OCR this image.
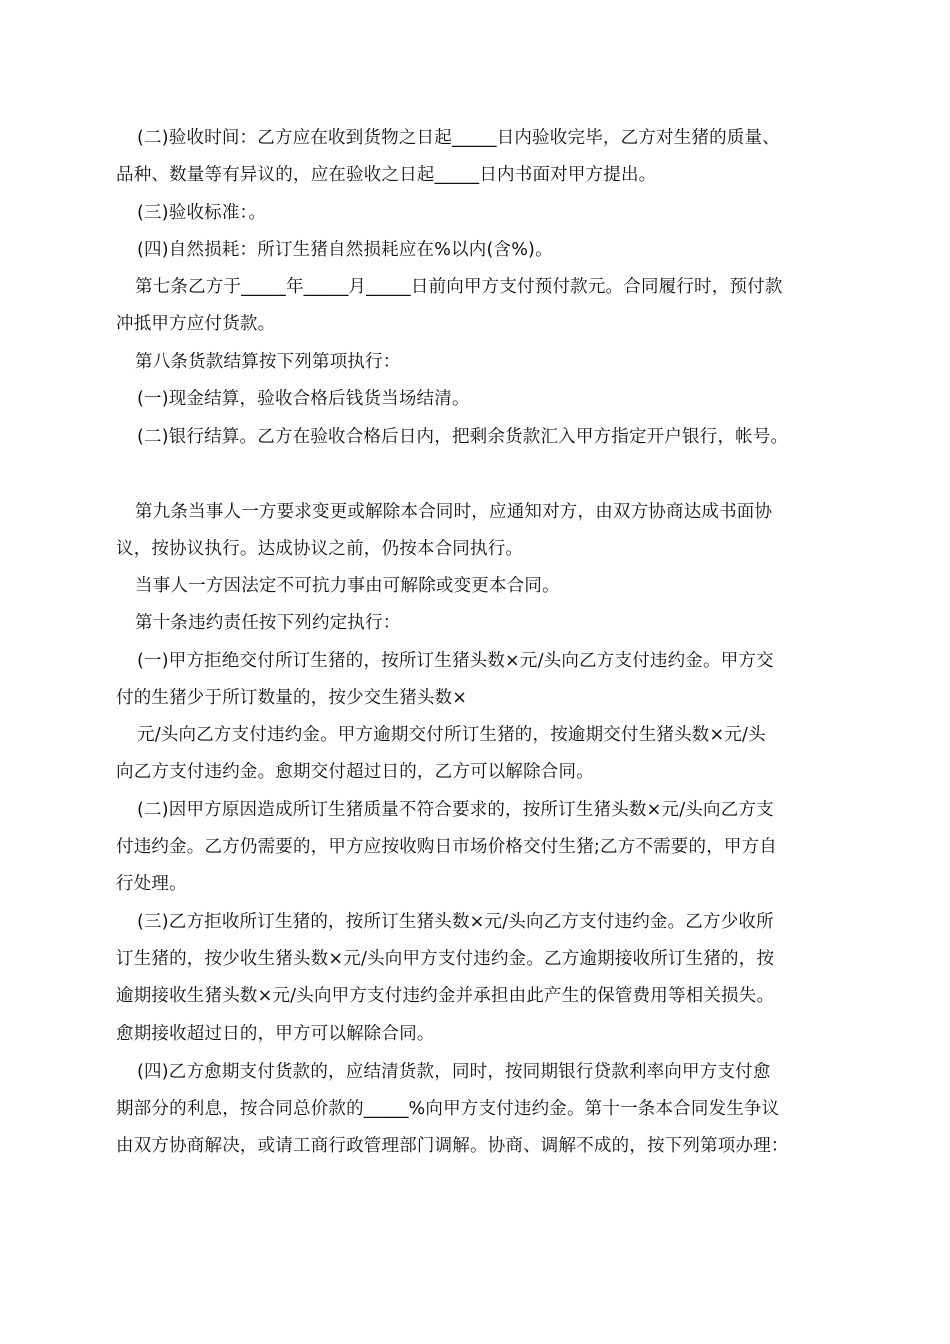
(二)验收时间：乙方应在收到货物之日起_____日内验收完毕，乙方对生猪的质量、
品种、数量等有异议的，应在验收之日起_____日内书面对甲方提出。
(三)验收标准：。
(四)自然损耗：所订生猪自然损耗应在%以内(含%)。
第七条乙方于_____年_____月_____日前向甲方支付预付款元。合同履行时，预付款
冲抵甲方应付货款。
第八条货款结算按下列第项执行：
(一)现金结算，验收合格后钱货当场结清。
(二)银行结算。乙方在验收合格后日内，把剩余货款汇入甲方指定开户银行，帐号。
第九条当事人一方要求变更或解除本合同时，应通知对方，由双方协商达成书面协
议，按协议执行。达成协议之前，仍按本合同执行。
当事人一方因法定不可抗力事由可解除或变更本合同。
第十条违约责任按下列约定执行：
(一)甲方拒绝交付所订生猪的，按所订生猪头数×元/头向乙方支付违约金。甲方交
付的生猪少于所订数量的，按少交生猪头数×
元/头向乙方支付违约金。甲方逾期交付所订生猪的，按逾期交付生猪头数×元/头
向乙方支付违约金。愈期交付超过日的，乙方可以解除合同。
(二)因甲方原因造成所订生猪质量不符合要求的，按所订生猪头数×元/头向乙方支
付违约金。乙方仍需要的，甲方应按收购日市场价格交付生猪;乙方不需要的，甲方自
行处理。
(三)乙方拒收所订生猪的，按所订生猪头数×元/头向乙方支付违约金。乙方少收所
订生猪的，按少收生猪头数×元/头向甲方支付违约金。乙方逾期接收所订生猪的，按
逾期接收生猪头数×元/头向甲方支付违约金并承担由此产生的保管费用等相关损失。
愈期接收超过日的，甲方可以解除合同。
(四)乙方愈期支付货款的，应结清货款，同时，按同期银行贷款利率向甲方支付愈
期部分的利息，按合同总价款的_____%向甲方支付违约金。第十一条本合同发生争议
由双方协商解决，或请工商行政管理部门调解。协商、调解不成的，按下列第项办理：
